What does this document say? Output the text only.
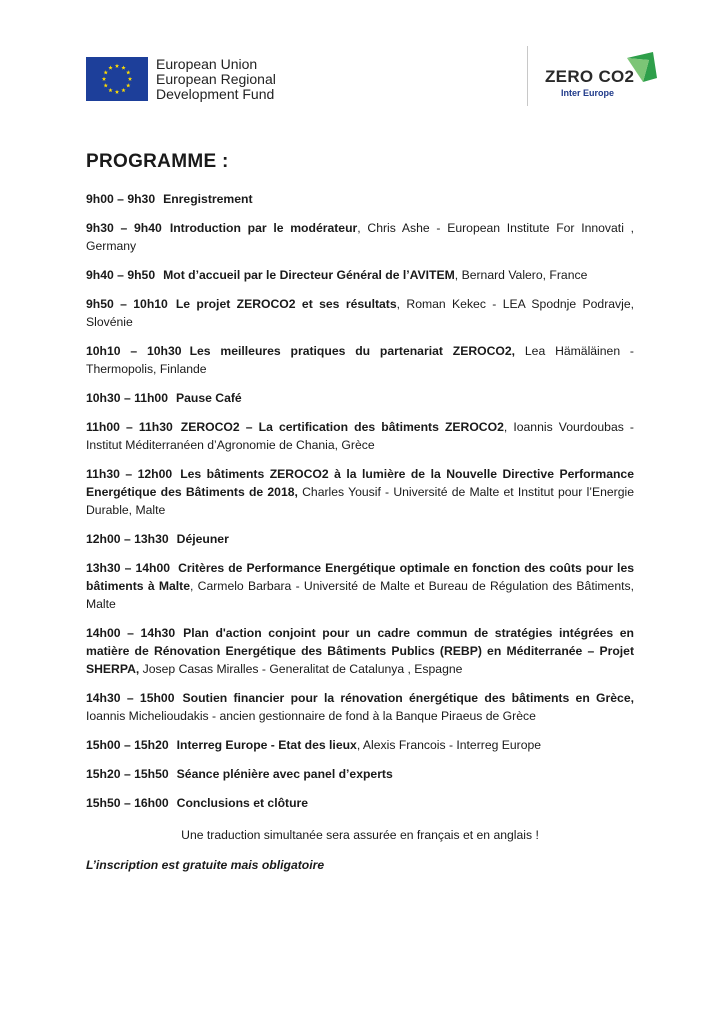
European Union
European Regional
Development Fund
ZERO CO2
Inter Europe
PROGRAMME :
9h00 – 9h30 Enregistrement
9h30 – 9h40 Introduction par le modérateur, Chris Ashe - European Institute For Innovati , Germany
9h40 – 9h50 Mot d’accueil par le Directeur Général de l’AVITEM, Bernard Valero, France
9h50 – 10h10 Le projet ZEROCO2 et ses résultats, Roman Kekec - LEA Spodnje Podravje, Slovénie
10h10 – 10h30 Les meilleures pratiques du partenariat ZEROCO2, Lea Hämäläinen - Thermopolis, Finlande
10h30 – 11h00 Pause Café
11h00 – 11h30 ZEROCO2 – La certification des bâtiments ZEROCO2, Ioannis Vourdoubas - Institut Méditerranéen d’Agronomie de Chania, Grèce
11h30 – 12h00 Les bâtiments ZEROCO2 à la lumière de la Nouvelle Directive Performance Energétique des Bâtiments de 2018, Charles Yousif - Université de Malte et Institut pour l’Energie Durable, Malte
12h00 – 13h30 Déjeuner
13h30 – 14h00 Critères de Performance Energétique optimale en fonction des coûts pour les bâtiments à Malte, Carmelo Barbara - Université de Malte et Bureau de Régulation des Bâtiments, Malte
14h00 – 14h30 Plan d'action conjoint pour un cadre commun de stratégies intégrées en matière de Rénovation Energétique des Bâtiments Publics (REBP) en Méditerranée – Projet SHERPA, Josep Casas Miralles - Generalitat de Catalunya , Espagne
14h30 – 15h00 Soutien financier pour la rénovation énergétique des bâtiments en Grèce, Ioannis Michelioudakis - ancien gestionnaire de fond à la Banque Piraeus de Grèce
15h00 – 15h20 Interreg Europe - Etat des lieux, Alexis Francois - Interreg Europe
15h20 – 15h50 Séance plénière avec panel d’experts
15h50 – 16h00 Conclusions et clôture
Une traduction simultanée sera assurée en français et en anglais !
L’inscription est gratuite mais obligatoire
